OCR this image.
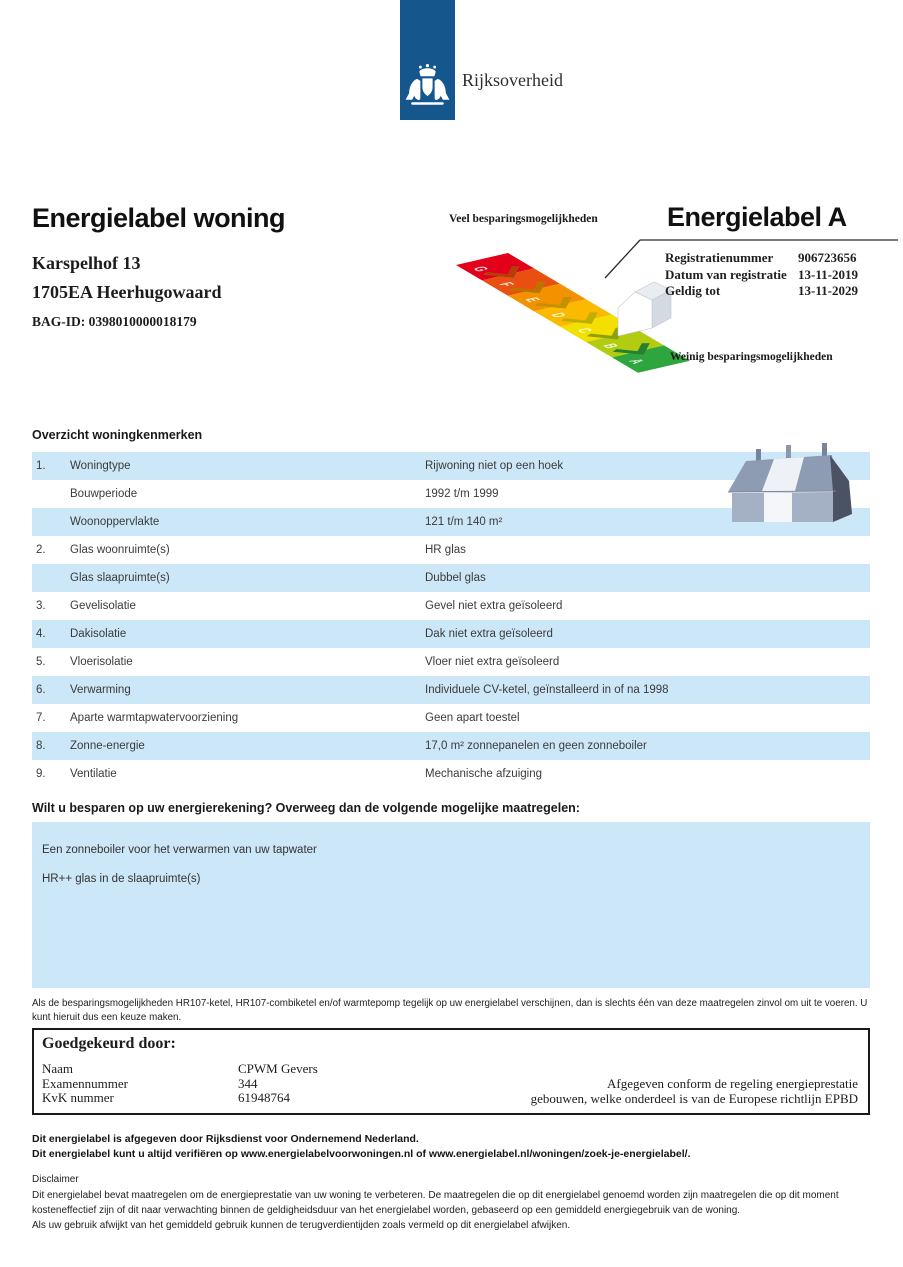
Rijksoverheid
Energielabel woning
Karspelhof 13
1705EA Heerhugowaard
BAG-ID: 0398010000018179
Veel besparingsmogelijkheden
Weinig besparingsmogelijkheden
Energielabel A
Registratienummer	906723656
Datum van registratie 13-11-2019
Geldig tot	13-11-2029
Overzicht woningkenmerken
1. Woningtype	Rijwoning niet op een hoek
Bouwperiode	1992 t/m 1999
Woonoppervlakte	121 t/m 140 m²
2. Glas woonruimte(s)	HR glas
Glas slaapruimte(s)	Dubbel glas
3. Gevelisolatie	Gevel niet extra geïsoleerd
4. Dakisolatie	Dak niet extra geïsoleerd
5. Vloerisolatie	Vloer niet extra geïsoleerd
6. Verwarming	Individuele CV-ketel, geïnstalleerd in of na 1998
7. Aparte warmtapwatervoorziening	Geen apart toestel
8. Zonne-energie	17,0 m² zonnepanelen en geen zonneboiler
9. Ventilatie	Mechanische afzuiging
Wilt u besparen op uw energierekening? Overweeg dan de volgende mogelijke maatregelen:
Een zonneboiler voor het verwarmen van uw tapwater
HR++ glas in de slaapruimte(s)
Als de besparingsmogelijkheden HR107-ketel, HR107-combiketel en/of warmtepomp tegelijk op uw energielabel verschijnen, dan is slechts één van deze maatregelen zinvol om uit te voeren. U kunt hieruit dus een keuze maken.
Goedgekeurd door:
Naam	CPWM Gevers
Examennummer	344
KvK nummer	61948764
Afgegeven conform de regeling energieprestatie
gebouwen, welke onderdeel is van de Europese richtlijn EPBD
Dit energielabel is afgegeven door Rijksdienst voor Ondernemend Nederland.
Dit energielabel kunt u altijd verifiëren op www.energielabelvoorwoningen.nl of www.energielabel.nl/woningen/zoek-je-energielabel/.
Disclaimer
Dit energielabel bevat maatregelen om de energieprestatie van uw woning te verbeteren. De maatregelen die op dit energielabel genoemd worden zijn maatregelen die op dit moment
kosteneffectief zijn of dit naar verwachting binnen de geldigheidsduur van het energielabel worden, gebaseerd op een gemiddeld energiegebruik van de woning.
Als uw gebruik afwijkt van het gemiddeld gebruik kunnen de terugverdientijden zoals vermeld op dit energielabel afwijken.
